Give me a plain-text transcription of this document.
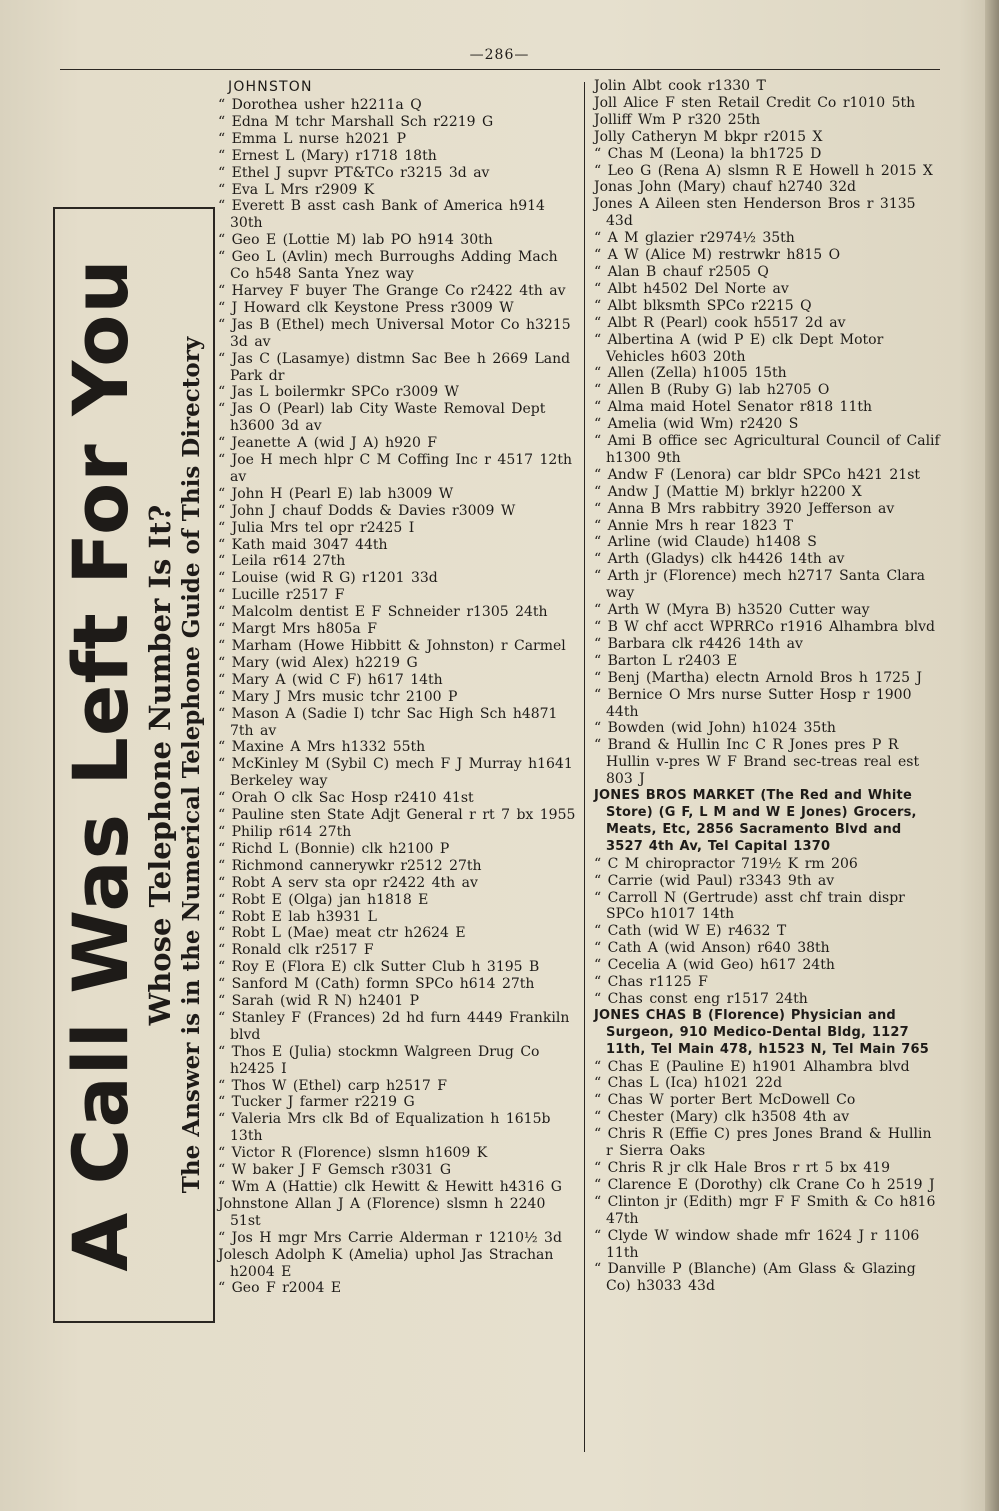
—286—
A Call Was Left For You
Whose Telephone Number Is It? The Answer is in the Numerical Telephone Guide of This Directory
JOHNSTON
“ Dorothea usher h2211a Q
“ Edna M tchr Marshall Sch r2219 G
“ Emma L nurse h2021 P
“ Ernest L (Mary) r1718 18th
“ Ethel J supvr PT&TCo r3215 3d av
“ Eva L Mrs r2909 K
“ Everett B asst cash Bank of America h914 30th
“ Geo E (Lottie M) lab PO h914 30th
“ Geo L (Avlin) mech Burroughs Adding Mach Co h548 Santa Ynez way
“ Harvey F buyer The Grange Co r2422 4th av
“ J Howard clk Keystone Press r3009 W
“ Jas B (Ethel) mech Universal Motor Co h3215 3d av
“ Jas C (Lasamye) distmn Sac Bee h 2669 Land Park dr
“ Jas L boilermkr SPCo r3009 W
“ Jas O (Pearl) lab City Waste Removal Dept h3600 3d av
“ Jeanette A (wid J A) h920 F
“ Joe H mech hlpr C M Coffing Inc r 4517 12th av
“ John H (Pearl E) lab h3009 W
“ John J chauf Dodds & Davies r3009 W
“ Julia Mrs tel opr r2425 I
“ Kath maid 3047 44th
“ Leila r614 27th
“ Louise (wid R G) r1201 33d
“ Lucille r2517 F
“ Malcolm dentist E F Schneider r1305 24th
“ Margt Mrs h805a F
“ Marham (Howe Hibbitt & Johnston) r Carmel
“ Mary (wid Alex) h2219 G
“ Mary A (wid C F) h617 14th
“ Mary J Mrs music tchr 2100 P
“ Mason A (Sadie I) tchr Sac High Sch h4871 7th av
“ Maxine A Mrs h1332 55th
“ McKinley M (Sybil C) mech F J Murray h1641 Berkeley way
“ Orah O clk Sac Hosp r2410 41st
“ Pauline sten State Adjt General r rt 7 bx 1955
“ Philip r614 27th
“ Richd L (Bonnie) clk h2100 P
“ Richmond cannerywkr r2512 27th
“ Robt A serv sta opr r2422 4th av
“ Robt E (Olga) jan h1818 E
“ Robt E lab h3931 L
“ Robt L (Mae) meat ctr h2624 E
“ Ronald clk r2517 F
“ Roy E (Flora E) clk Sutter Club h 3195 B
“ Sanford M (Cath) formn SPCo h614 27th
“ Sarah (wid R N) h2401 P
“ Stanley F (Frances) 2d hd furn 4449 Frankiln blvd
“ Thos E (Julia) stockmn Walgreen Drug Co h2425 I
“ Thos W (Ethel) carp h2517 F
“ Tucker J farmer r2219 G
“ Valeria Mrs clk Bd of Equalization h 1615b 13th
“ Victor R (Florence) slsmn h1609 K
“ W baker J F Gemsch r3031 G
“ Wm A (Hattie) clk Hewitt & Hewitt h4316 G
Johnstone Allan J A (Florence) slsmn h 2240 51st
“ Jos H mgr Mrs Carrie Alderman r 1210½ 3d
Jolesch Adolph K (Amelia) uphol Jas Strachan h2004 E
“ Geo F r2004 E
Jolin Albt cook r1330 T
Joll Alice F sten Retail Credit Co r1010 5th
Jolliff Wm P r320 25th
Jolly Catheryn M bkpr r2015 X
“ Chas M (Leona) la bh1725 D
“ Leo G (Rena A) slsmn R E Howell h 2015 X
Jonas John (Mary) chauf h2740 32d
Jones A Aileen sten Henderson Bros r 3135 43d
“ A M glazier r2974½ 35th
“ A W (Alice M) restrwkr h815 O
“ Alan B chauf r2505 Q
“ Albt h4502 Del Norte av
“ Albt blksmth SPCo r2215 Q
“ Albt R (Pearl) cook h5517 2d av
“ Albertina A (wid P E) clk Dept Motor Vehicles h603 20th
“ Allen (Zella) h1005 15th
“ Allen B (Ruby G) lab h2705 O
“ Alma maid Hotel Senator r818 11th
“ Amelia (wid Wm) r2420 S
“ Ami B office sec Agricultural Council of Calif h1300 9th
“ Andw F (Lenora) car bldr SPCo h421 21st
“ Andw J (Mattie M) brklyr h2200 X
“ Anna B Mrs rabbitry 3920 Jefferson av
“ Annie Mrs h rear 1823 T
“ Arline (wid Claude) h1408 S
“ Arth (Gladys) clk h4426 14th av
“ Arth jr (Florence) mech h2717 Santa Clara way
“ Arth W (Myra B) h3520 Cutter way
“ B W chf acct WPRRCo r1916 Alhambra blvd
“ Barbara clk r4426 14th av
“ Barton L r2403 E
“ Benj (Martha) electn Arnold Bros h 1725 J
“ Bernice O Mrs nurse Sutter Hosp r 1900 44th
“ Bowden (wid John) h1024 35th
“ Brand & Hullin Inc C R Jones pres P R Hullin v-pres W F Brand sec-treas real est 803 J
JONES BROS MARKET (The Red and White Store) (G F, L M and W E Jones) Grocers, Meats, Etc, 2856 Sacramento Blvd and 3527 4th Av, Tel Capital 1370
“ C M chiropractor 719½ K rm 206
“ Carrie (wid Paul) r3343 9th av
“ Carroll N (Gertrude) asst chf train dispr SPCo h1017 14th
“ Cath (wid W E) r4632 T
“ Cath A (wid Anson) r640 38th
“ Cecelia A (wid Geo) h617 24th
“ Chas r1125 F
“ Chas const eng r1517 24th
JONES CHAS B (Florence) Physician and Surgeon, 910 Medico-Dental Bldg, 1127 11th, Tel Main 478, h1523 N, Tel Main 765
“ Chas E (Pauline E) h1901 Alhambra blvd
“ Chas L (Ica) h1021 22d
“ Chas W porter Bert McDowell Co
“ Chester (Mary) clk h3508 4th av
“ Chris R (Effie C) pres Jones Brand & Hullin r Sierra Oaks
“ Chris R jr clk Hale Bros r rt 5 bx 419
“ Clarence E (Dorothy) clk Crane Co h 2519 J
“ Clinton jr (Edith) mgr F F Smith & Co h816 47th
“ Clyde W window shade mfr 1624 J r 1106 11th
“ Danville P (Blanche) (Am Glass & Glazing Co) h3033 43d
